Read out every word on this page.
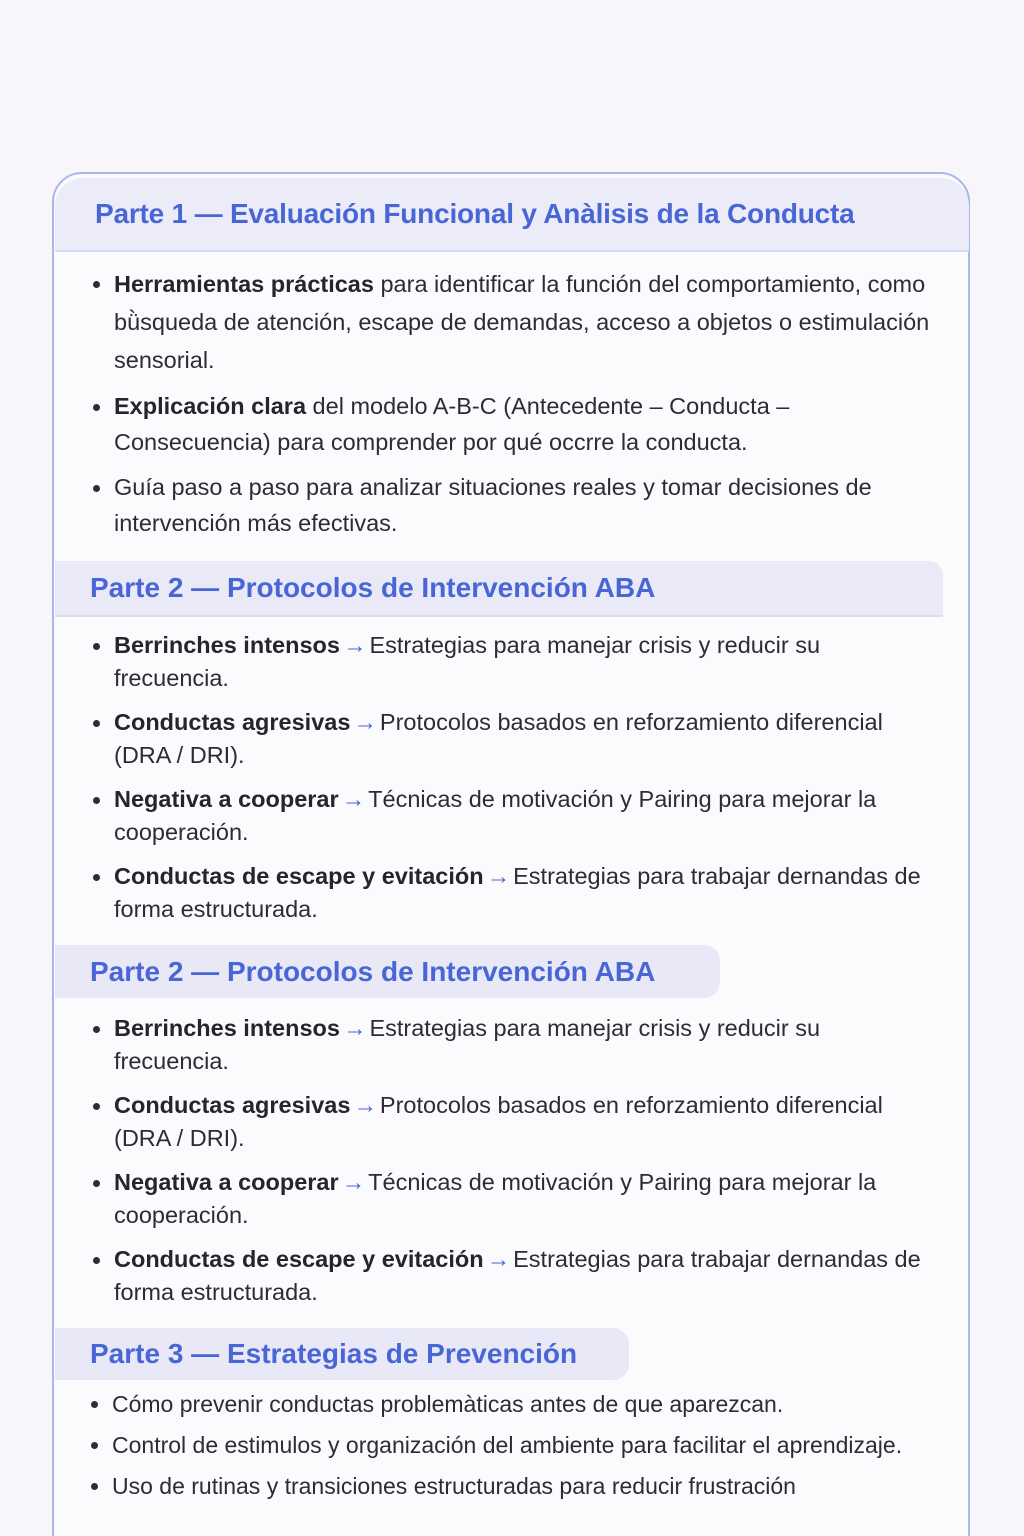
Parte 1 — Evaluación Funcional y Anàlisis de la Conducta
Herramientas prácticas para identificar la función del comportamiento, como bǜsqueda de atención, escape de demandas, acceso a objetos o estimulación sensorial.
Explicación clara del modelo A-B-C (Antecedente – Conducta – Consecuencia) para comprender por qué occrre la conducta.
Guía paso a paso para analizar situaciones reales y tomar decisiones de intervención más efectivas.
Parte 2 — Protocolos de Intervención ABA
Berrinches intensos → Estrategias para manejar crisis y reducir su frecuencia.
Conductas agresivas → Protocolos basados en reforzamiento diferencial (DRA / DRI).
Negativa a cooperar → Técnicas de motivación y Pairing para mejorar la cooperación.
Conductas de escape y evitación → Estrategias para trabajar dernandas de forma estructurada.
Parte 2 — Protocolos de Intervención ABA
Berrinches intensos → Estrategias para manejar crisis y reducir su frecuencia.
Conductas agresivas → Protocolos basados en reforzamiento diferencial (DRA / DRI).
Negativa a cooperar → Técnicas de motivación y Pairing para mejorar la cooperación.
Conductas de escape y evitación → Estrategias para trabajar dernandas de forma estructurada.
Parte 3 — Estrategias de Prevención
Cómo prevenir conductas problemàticas antes de que aparezcan.
Control de estimulos y organización del ambiente para facilitar el aprendizaje.
Uso de rutinas y transiciones estructuradas para reducir frustración
